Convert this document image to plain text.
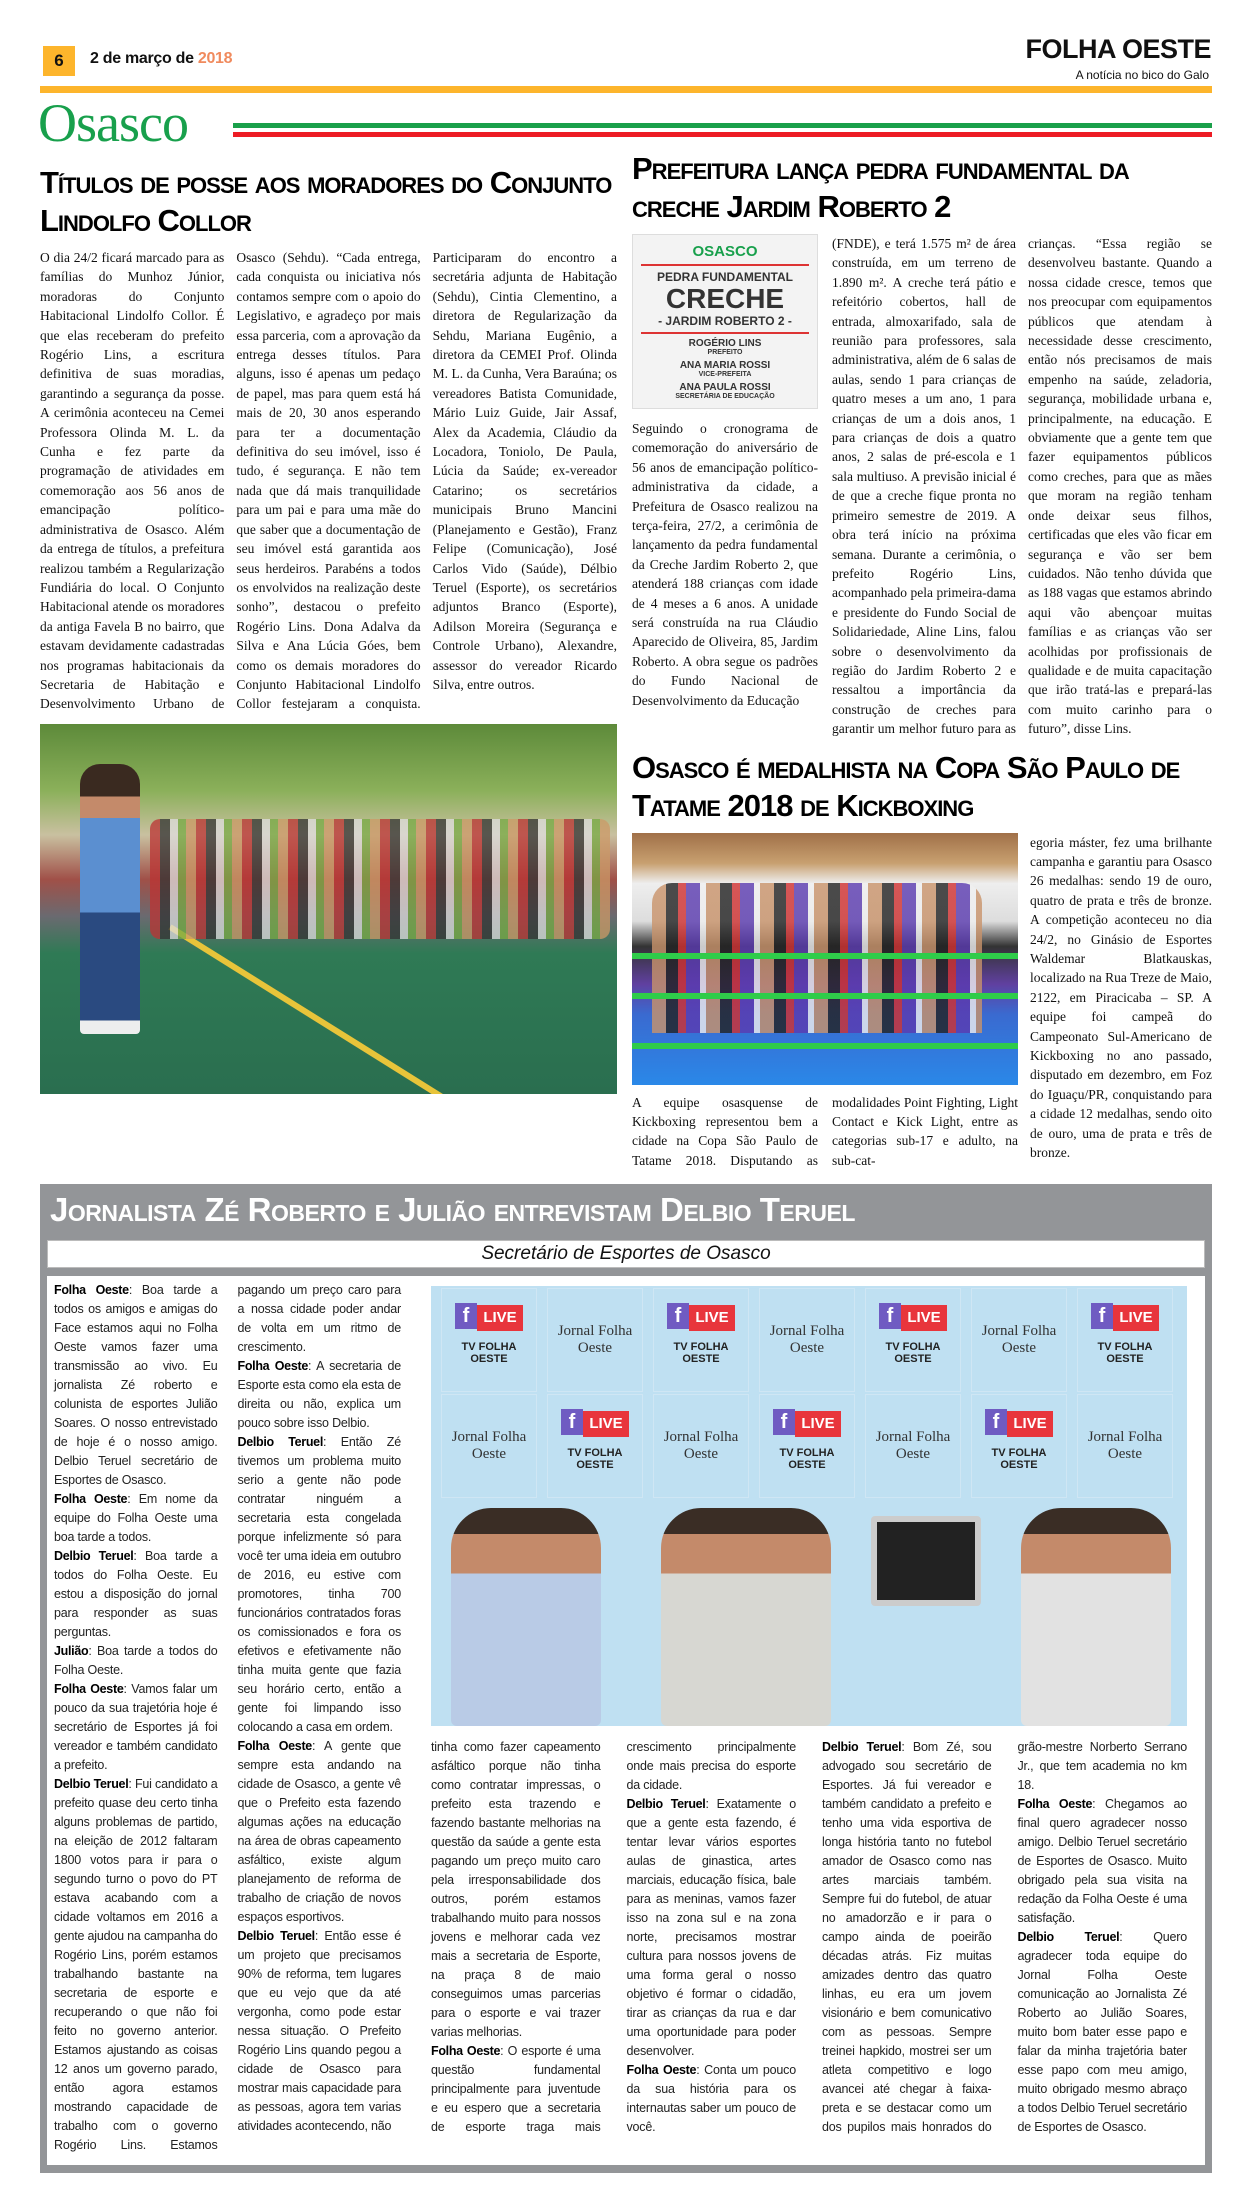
6	2 de março de 2018	FOLHA OESTE
A notícia no bico do Galo
Osasco
Títulos de posse aos moradores do Conjunto Lindolfo Collor
O dia 24/2 ficará marcado para as famílias do Munhoz Júnior, moradoras do Conjunto Habitacional Lindolfo Collor. É que elas receberam do prefeito Rogério Lins, a escritura definitiva de suas moradias, garantindo a segurança da posse. A cerimônia aconteceu na Cemei Professora Olinda M. L. da Cunha e fez parte da programação de atividades em comemoração aos 56 anos de emancipação político-administrativa de Osasco. Além da entrega de títulos, a prefeitura realizou também a Regularização Fundiária do local. O Conjunto Habitacional atende os moradores da antiga Favela B no bairro, que estavam devidamente cadastradas nos programas habitacionais da Secretaria de Habitação e Desenvolvimento Urbano de Osasco (Sehdu). “Cada entrega, cada conquista ou iniciativa nós contamos sempre com o apoio do Legislativo, e agradeço por mais essa parceria, com a aprovação da entrega desses títulos. Para alguns, isso é apenas um pedaço de papel, mas para quem está há mais de 20, 30 anos esperando para ter a documentação definitiva do seu imóvel, isso é tudo, é segurança. E não tem nada que dá mais tranquilidade para um pai e para uma mãe do que saber que a documentação de seu imóvel está garantida aos seus herdeiros. Parabéns a todos os envolvidos na realização deste sonho”, destacou o prefeito Rogério Lins. Dona Adalva da Silva e Ana Lúcia Góes, bem como os demais moradores do Conjunto Habitacional Lindolfo Collor festejaram a conquista. Participaram do encontro a secretária adjunta de Habitação (Sehdu), Cintia Clementino, a diretora de Regularização da Sehdu, Mariana Eugênio, a diretora da CEMEI Prof. Olinda M. L. da Cunha, Vera Baraúna; os vereadores Batista Comunidade, Mário Luiz Guide, Jair Assaf, Alex da Academia, Cláudio da Locadora, Toniolo, De Paula, Lúcia da Saúde; ex-vereador Catarino; os secretários municipais Bruno Mancini (Planejamento e Gestão), Franz Felipe (Comunicação), José Carlos Vido (Saúde), Délbio Teruel (Esporte), os secretários adjuntos Branco (Esporte), Adilson Moreira (Segurança e Controle Urbano), Alexandre, assessor do vereador Ricardo Silva, entre outros.
Prefeitura lança pedra fundamental da creche Jardim Roberto 2
OSASCO
PEDRA FUNDAMENTAL
CRECHE
- JARDIM ROBERTO 2 -
ROGÉRIO LINS
PREFEITO
ANA MARIA ROSSI
VICE-PREFEITA
ANA PAULA ROSSI
SECRETÁRIA DE EDUCAÇÃO
Seguindo o cronograma de comemoração do aniversário de 56 anos de emancipação político-administrativa da cidade, a Prefeitura de Osasco realizou na terça-feira, 27/2, a cerimônia de lançamento da pedra fundamental da Creche Jardim Roberto 2, que atenderá 188 crianças com idade de 4 meses a 6 anos. A unidade será construída na rua Cláudio Aparecido de Oliveira, 85, Jardim Roberto. A obra segue os padrões do Fundo Nacional de Desenvolvimento da Educação
(FNDE), e terá 1.575 m² de área construída, em um terreno de 1.890 m². A creche terá pátio e refeitório cobertos, hall de entrada, almoxarifado, sala de reunião para professores, sala administrativa, além de 6 salas de aulas, sendo 1 para crianças de quatro meses a um ano, 1 para crianças de um a dois anos, 1 para crianças de dois a quatro anos, 2 salas de pré-escola e 1 sala multiuso. A previsão inicial é de que a creche fique pronta no primeiro semestre de 2019. A obra terá início na próxima semana. Durante a cerimônia, o prefeito Rogério Lins, acompanhado pela primeira-dama e presidente do Fundo Social de Solidariedade, Aline Lins, falou sobre o desenvolvimento da região do Jardim Roberto 2 e ressaltou a importância da construção de creches para garantir um melhor futuro para as crianças. “Essa região se desenvolveu bastante. Quando a nossa cidade cresce, temos que nos preocupar com equipamentos públicos que atendam à necessidade desse crescimento, então nós precisamos de mais empenho na saúde, zeladoria, segurança, mobilidade urbana e, principalmente, na educação. E obviamente que a gente tem que fazer equipamentos públicos como creches, para que as mães que moram na região tenham onde deixar seus filhos, certificadas que eles vão ficar em segurança e vão ser bem cuidados. Não tenho dúvida que as 188 vagas que estamos abrindo aqui vão abençoar muitas famílias e as crianças vão ser acolhidas por profissionais de qualidade e de muita capacitação que irão tratá-las e prepará-las com muito carinho para o futuro”, disse Lins.
Osasco é medalhista na Copa São Paulo de Tatame 2018 de Kickboxing
A equipe osasquense de Kickboxing representou bem a cidade na Copa São Paulo de Tatame 2018. Disputando as modalidades Point Fighting, Light Contact e Kick Light, entre as categorias sub-17 e adulto, na sub-cat-
egoria máster, fez uma brilhante campanha e garantiu para Osasco 26 medalhas: sendo 19 de ouro, quatro de prata e três de bronze. A competição aconteceu no dia 24/2, no Ginásio de Esportes Waldemar Blatkauskas, localizado na Rua Treze de Maio, 2122, em Piracicaba – SP. A equipe foi campeã do Campeonato Sul-Americano de Kickboxing no ano passado, disputado em dezembro, em Foz do Iguaçu/PR, conquistando para a cidade 12 medalhas, sendo oito de ouro, uma de prata e três de bronze.
Jornalista Zé Roberto e Julião entrevistam Delbio Teruel
Secretário de Esportes de Osasco

Folha Oeste: Boa tarde a todos os amigos e amigas do Face estamos aqui no Folha Oeste vamos fazer uma transmissão ao vivo. Eu jornalista Zé roberto e colunista de esportes Julião Soares. O nosso entrevistado de hoje é o nosso amigo. Delbio Teruel secretário de Esportes de Osasco.

Folha Oeste: Em nome da equipe do Folha Oeste uma boa tarde a todos.

Delbio Teruel: Boa tarde a todos do Folha Oeste. Eu estou a disposição do jornal para responder as suas perguntas.

Julião: Boa tarde a todos do Folha Oeste.

Folha Oeste: Vamos falar um pouco da sua trajetória hoje é secretário de Esportes já foi vereador e também candidato a prefeito.

Delbio Teruel: Fui candidato a prefeito quase deu certo tinha alguns problemas de partido, na eleição de 2012 faltaram 1800 votos para ir para o segundo turno o povo do PT estava acabando com a cidade voltamos em 2016 a gente ajudou na campanha do Rogério Lins, porém estamos trabalhando bastante na secretaria de esporte e recuperando o que não foi feito no governo anterior. Estamos ajustando as coisas 12 anos um governo parado, então agora estamos mostrando capacidade de trabalho com o governo Rogério Lins. Estamos pagando um preço caro para a nossa cidade poder andar de volta em um ritmo de crescimento.

Folha Oeste: A secretaria de Esporte esta como ela esta de direita ou não, explica um pouco sobre isso Delbio.

Delbio Teruel: Então Zé tivemos um problema muito serio a gente não pode contratar ninguém a secretaria esta congelada porque infelizmente só para você ter uma ideia em outubro de 2016, eu estive com promotores, tinha 700 funcionários contratados foras os comissionados e fora os efetivos e efetivamente não tinha muita gente que fazia seu horário certo, então a gente foi limpando isso colocando a casa em ordem.

Folha Oeste: A gente que sempre esta andando na cidade de Osasco, a gente vê que o Prefeito esta fazendo algumas ações na educação na área de obras capeamento asfáltico, existe algum planejamento de reforma de trabalho de criação de novos espaços esportivos.

Delbio Teruel: Então esse é um projeto que precisamos 90% de reforma, tem lugares que eu vejo que da até vergonha, como pode estar nessa situação. O Prefeito Rogério Lins quando pegou a cidade de Osasco para mostrar mais capacidade para as pessoas, agora tem varias atividades acontecendo, não

f LIVE
TV FOLHA OESTE
Jornal Folha Oeste
f LIVE
TV FOLHA OESTE
Jornal Folha Oeste
f LIVE
TV FOLHA OESTE
Jornal Folha Oeste
f LIVE
TV FOLHA OESTE
Jornal Folha Oeste
f LIVE
TV FOLHA OESTE
Jornal Folha Oeste
f LIVE
TV FOLHA OESTE
Jornal Folha Oeste
f LIVE
TV FOLHA OESTE
Jornal Folha Oeste

tinha como fazer capeamento asfáltico porque não tinha como contratar impressas, o prefeito esta trazendo e fazendo bastante melhorias na questão da saúde a gente esta pagando um preço muito caro pela irresponsabilidade dos outros, porém estamos trabalhando muito para nossos jovens e melhorar cada vez mais a secretaria de Esporte, na praça 8 de maio conseguimos umas parcerias para o esporte e vai trazer varias melhorias.

Folha Oeste: O esporte é uma questão fundamental principalmente para juventude e eu espero que a secretaria de esporte traga mais crescimento principalmente onde mais precisa do esporte da cidade.

Delbio Teruel: Exatamente o que a gente esta fazendo, é tentar levar vários esportes aulas de ginastica, artes marciais, educação física, bale para as meninas, vamos fazer isso na zona sul e na zona norte, precisamos mostrar cultura para nossos jovens de uma forma geral o nosso objetivo é formar o cidadão, tirar as crianças da rua e dar uma oportunidade para poder desenvolver.

Folha Oeste: Conta um pouco da sua história para os internautas saber um pouco de você.

Delbio Teruel: Bom Zé, sou advogado sou secretário de Esportes. Já fui vereador e também candidato a prefeito e tenho uma vida esportiva de longa história tanto no futebol amador de Osasco como nas artes marciais também. Sempre fui do futebol, de atuar no amadorzão e ir para o campo ainda de poeirão décadas atrás. Fiz muitas amizades dentro das quatro linhas, eu era um jovem visionário e bem comunicativo com as pessoas. Sempre treinei hapkido, mostrei ser um atleta competitivo e logo avancei até chegar à faixa-preta e se destacar como um dos pupilos mais honrados do grão-mestre Norberto Serrano Jr., que tem academia no km 18.

Folha Oeste: Chegamos ao final quero agradecer nosso amigo. Delbio Teruel secretário de Esportes de Osasco. Muito obrigado pela sua visita na redação da Folha Oeste é uma satisfação.

Delbio Teruel: Quero agradecer toda equipe do Jornal Folha Oeste comunicação ao Jornalista Zé Roberto ao Julião Soares, muito bom bater esse papo e falar da minha trajetória bater esse papo com meu amigo, muito obrigado mesmo abraço a todos Delbio Teruel secretário de Esportes de Osasco.
